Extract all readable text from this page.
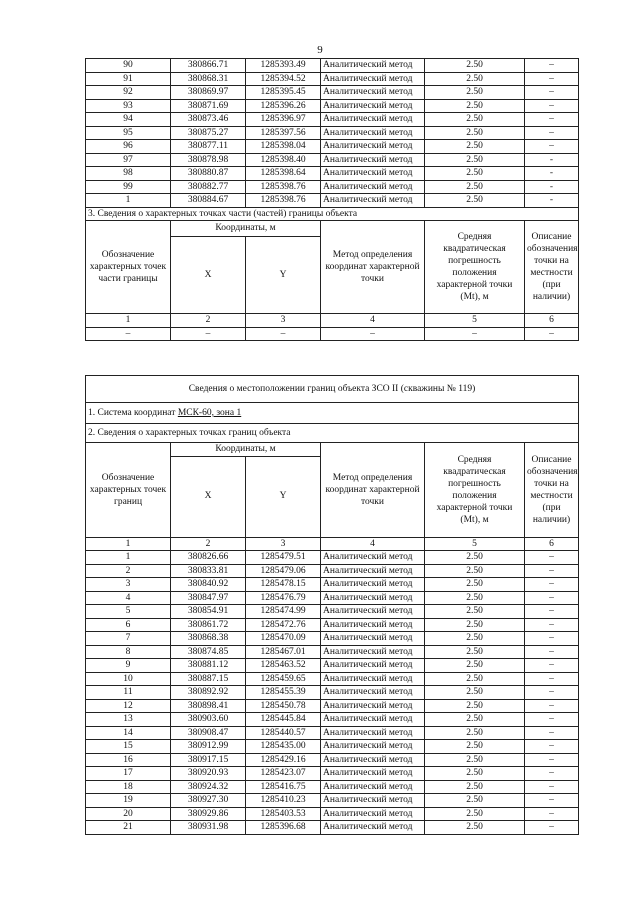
9
90	380866.71	1285393.49	Аналитический метод	2.50	–
91	380868.31	1285394.52	Аналитический метод	2.50	–
92	380869.97	1285395.45	Аналитический метод	2.50	–
93	380871.69	1285396.26	Аналитический метод	2.50	–
94	380873.46	1285396.97	Аналитический метод	2.50	–
95	380875.27	1285397.56	Аналитический метод	2.50	–
96	380877.11	1285398.04	Аналитический метод	2.50	–
97	380878.98	1285398.40	Аналитический метод	2.50	-
98	380880.87	1285398.64	Аналитический метод	2.50	-
99	380882.77	1285398.76	Аналитический метод	2.50	-
1	380884.67	1285398.76	Аналитический метод	2.50	-
3. Сведения о характерных точках части (частей) границы объекта					
Обозначение характерных точек части границы	Координаты, м		Метод определения координат характерной точки	Средняя квадратическая погрешность положения характерной точки (Mt), м	Описание обозначения точки на местности (при наличии)
	X	Y			
1	2	3	4	5	6
–	–	–	–	–	–
Сведения о местоположении границ объекта ЗСО II (скважины № 119)					
1. Система координат МСК-60, зона 1					
2. Сведения о характерных точках границ объекта					
Обозначение характерных точек границ	Координаты, м		Метод определения координат характерной точки	Средняя квадратическая погрешность положения характерной точки (Mt), м	Описание обозначения точки на местности (при наличии)
	X	Y			
1	2	3	4	5	6
1	380826.66	1285479.51	Аналитический метод	2.50	–
2	380833.81	1285479.06	Аналитический метод	2.50	–
3	380840.92	1285478.15	Аналитический метод	2.50	–
4	380847.97	1285476.79	Аналитический метод	2.50	–
5	380854.91	1285474.99	Аналитический метод	2.50	–
6	380861.72	1285472.76	Аналитический метод	2.50	–
7	380868.38	1285470.09	Аналитический метод	2.50	–
8	380874.85	1285467.01	Аналитический метод	2.50	–
9	380881.12	1285463.52	Аналитический метод	2.50	–
10	380887.15	1285459.65	Аналитический метод	2.50	–
11	380892.92	1285455.39	Аналитический метод	2.50	–
12	380898.41	1285450.78	Аналитический метод	2.50	–
13	380903.60	1285445.84	Аналитический метод	2.50	–
14	380908.47	1285440.57	Аналитический метод	2.50	–
15	380912.99	1285435.00	Аналитический метод	2.50	–
16	380917.15	1285429.16	Аналитический метод	2.50	–
17	380920.93	1285423.07	Аналитический метод	2.50	–
18	380924.32	1285416.75	Аналитический метод	2.50	–
19	380927.30	1285410.23	Аналитический метод	2.50	–
20	380929.86	1285403.53	Аналитический метод	2.50	–
21	380931.98	1285396.68	Аналитический метод	2.50	–
